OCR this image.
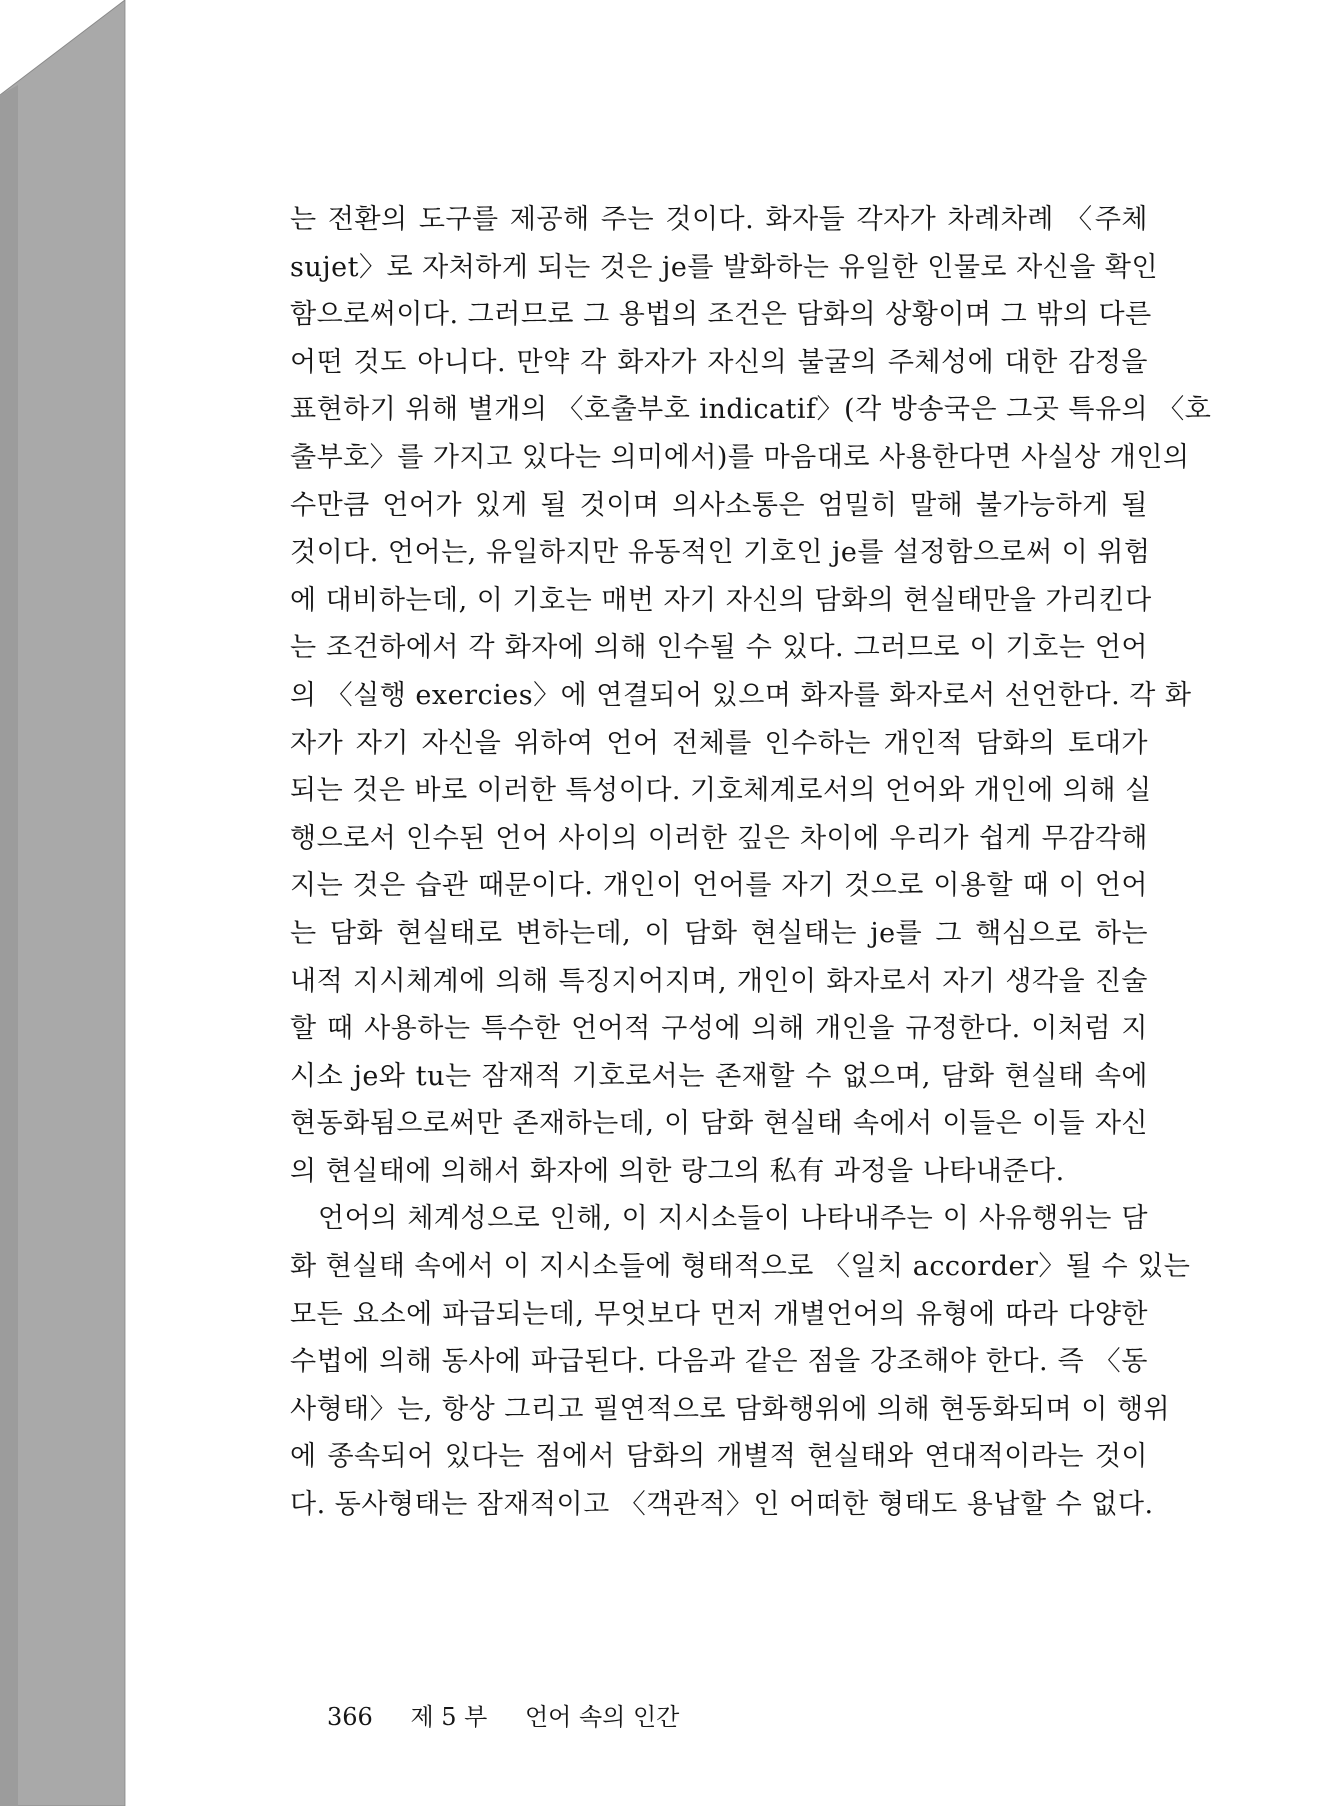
는 전환의 도구를 제공해 주는 것이다. 화자들 각자가 차례차례 〈주체
sujet〉로 자처하게 되는 것은 je를 발화하는 유일한 인물로 자신을 확인
함으로써이다. 그러므로 그 용법의 조건은 담화의 상황이며 그 밖의 다른
어떤 것도 아니다. 만약 각 화자가 자신의 불굴의 주체성에 대한 감정을
표현하기 위해 별개의 〈호출부호 indicatif〉(각 방송국은 그곳 특유의 〈호
출부호〉를 가지고 있다는 의미에서)를 마음대로 사용한다면 사실상 개인의
수만큼 언어가 있게 될 것이며 의사소통은 엄밀히 말해 불가능하게 될
것이다. 언어는, 유일하지만 유동적인 기호인 je를 설정함으로써 이 위험
에 대비하는데, 이 기호는 매번 자기 자신의 담화의 현실태만을 가리킨다
는 조건하에서 각 화자에 의해 인수될 수 있다. 그러므로 이 기호는 언어
의 〈실행 exercies〉에 연결되어 있으며 화자를 화자로서 선언한다. 각 화
자가 자기 자신을 위하여 언어 전체를 인수하는 개인적 담화의 토대가
되는 것은 바로 이러한 특성이다. 기호체계로서의 언어와 개인에 의해 실
행으로서 인수된 언어 사이의 이러한 깊은 차이에 우리가 쉽게 무감각해
지는 것은 습관 때문이다. 개인이 언어를 자기 것으로 이용할 때 이 언어
는 담화 현실태로 변하는데, 이 담화 현실태는 je를 그 핵심으로 하는
내적 지시체계에 의해 특징지어지며, 개인이 화자로서 자기 생각을 진술
할 때 사용하는 특수한 언어적 구성에 의해 개인을 규정한다. 이처럼 지
시소 je와 tu는 잠재적 기호로서는 존재할 수 없으며, 담화 현실태 속에
현동화됨으로써만 존재하는데, 이 담화 현실태 속에서 이들은 이들 자신
의 현실태에 의해서 화자에 의한 랑그의 私有 과정을 나타내준다.
언어의 체계성으로 인해, 이 지시소들이 나타내주는 이 사유행위는 담
화 현실태 속에서 이 지시소들에 형태적으로 〈일치 accorder〉될 수 있는
모든 요소에 파급되는데, 무엇보다 먼저 개별언어의 유형에 따라 다양한
수법에 의해 동사에 파급된다. 다음과 같은 점을 강조해야 한다. 즉 〈동
사형태〉는, 항상 그리고 필연적으로 담화행위에 의해 현동화되며 이 행위
에 종속되어 있다는 점에서 담화의 개별적 현실태와 연대적이라는 것이
다. 동사형태는 잠재적이고 〈객관적〉인 어떠한 형태도 용납할 수 없다.
366 제 5 부 언어 속의 인간
